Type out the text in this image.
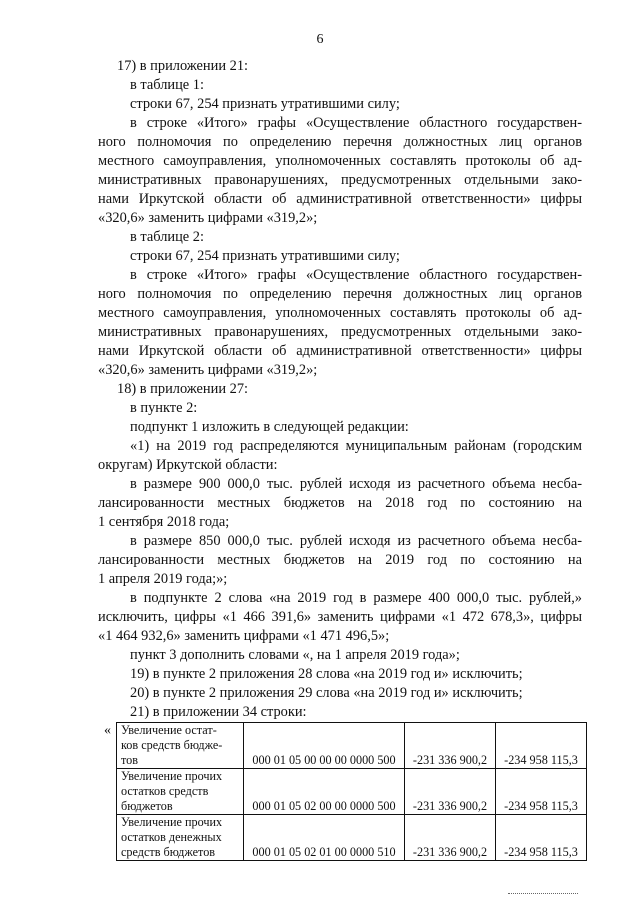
6
17) в приложении 21:
в таблице 1:
строки 67, 254 признать утратившими силу;
в строке «Итого» графы «Осуществление областного государствен-
ного полномочия по определению перечня должностных лиц органов
местного самоуправления, уполномоченных составлять протоколы об ад-
министративных правонарушениях, предусмотренных отдельными зако-
нами Иркутской области об административной ответственности» цифры
«320,6» заменить цифрами «319,2»;
в таблице 2:
строки 67, 254 признать утратившими силу;
в строке «Итого» графы «Осуществление областного государствен-
ного полномочия по определению перечня должностных лиц органов
местного самоуправления, уполномоченных составлять протоколы об ад-
министративных правонарушениях, предусмотренных отдельными зако-
нами Иркутской области об административной ответственности» цифры
«320,6» заменить цифрами «319,2»;
18) в приложении 27:
в пункте 2:
подпункт 1 изложить в следующей редакции:
«1) на 2019 год распределяются муниципальным районам (городским
округам) Иркутской области:
в размере 900 000,0 тыс. рублей исходя из расчетного объема несба-
лансированности местных бюджетов на 2018 год по состоянию на
1 сентября 2018 года;
в размере 850 000,0 тыс. рублей исходя из расчетного объема несба-
лансированности местных бюджетов на 2019 год по состоянию на
1 апреля 2019 года;»;
в подпункте 2 слова «на 2019 год в размере 400 000,0 тыс. рублей,»
исключить, цифры «1 466 391,6» заменить цифрами «1 472 678,3», цифры
«1 464 932,6» заменить цифрами «1 471 496,5»;
пункт 3 дополнить словами «, на 1 апреля 2019 года»;
19) в пункте 2 приложения 28 слова «на 2019 год и» исключить;
20) в пункте 2 приложения 29 слова «на 2019 год и» исключить;
21) в приложении 34 строки:
« Увеличение остат-
ков средств бюдже-
тов	000 01 05 00 00 00 0000 500	-231 336 900,2	-234 958 115,3

Увеличение прочих
остатков средств
бюджетов	000 01 05 02 00 00 0000 500	-231 336 900,2	-234 958 115,3

Увеличение прочих
остатков денежных
средств бюджетов	000 01 05 02 01 00 0000 510	-231 336 900,2	-234 958 115,3
